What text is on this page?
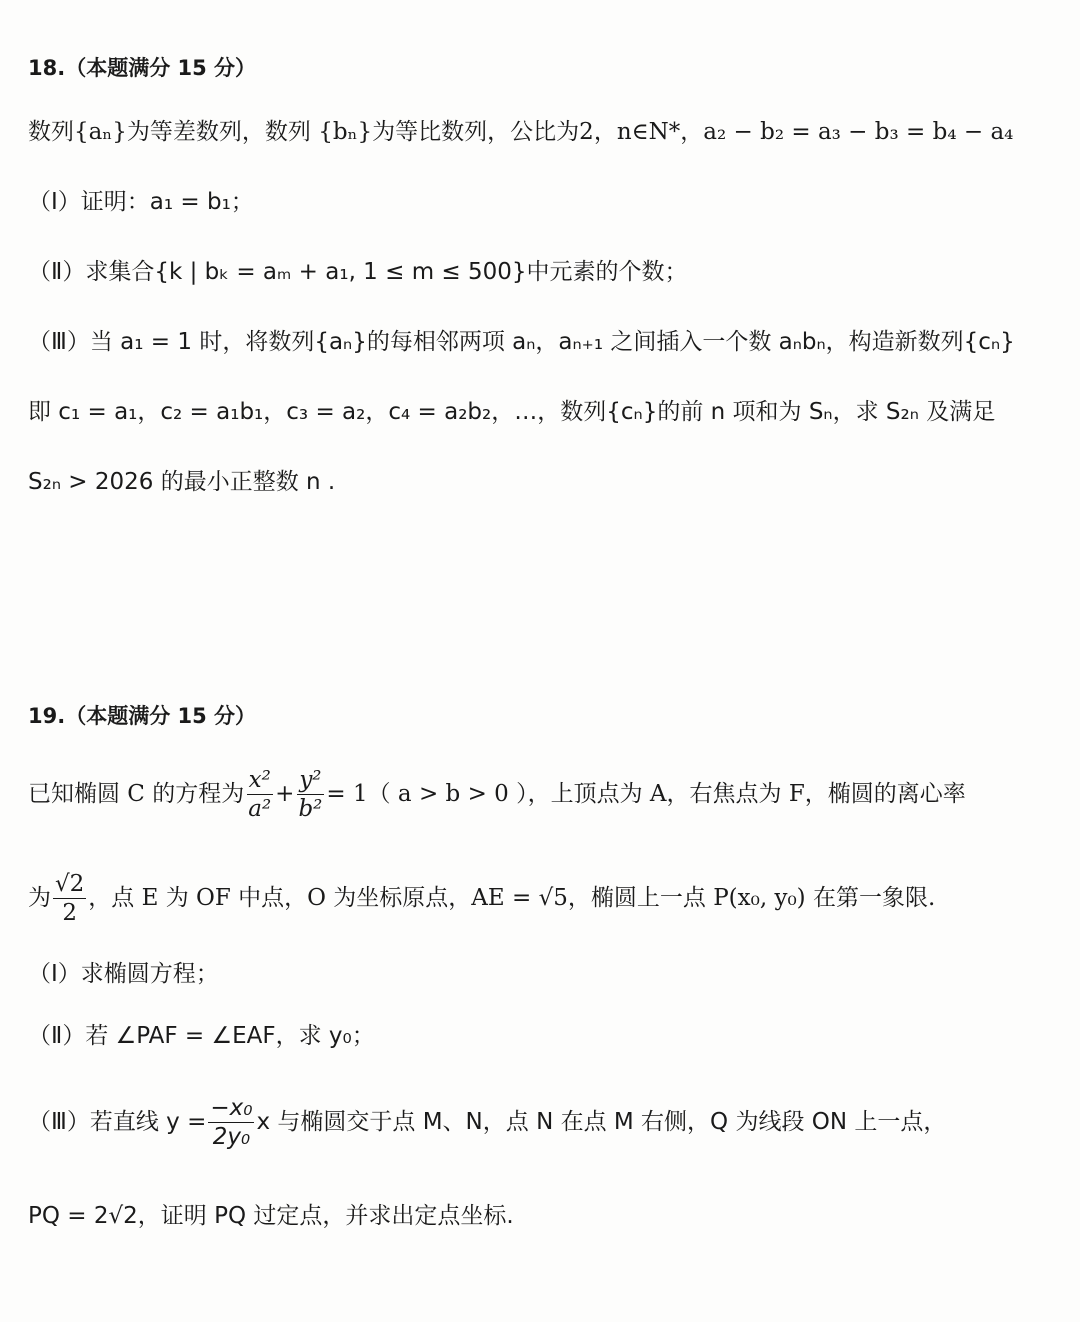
18.（本题满分 15 分）
数列{aₙ}为等差数列，数列 {bₙ}为等比数列，公比为2，n∈N*，a₂ − b₂ = a₃ − b₃ = b₄ − a₄
（Ⅰ）证明：a₁ = b₁；
（Ⅱ）求集合{k | bₖ = aₘ + a₁, 1 ≤ m ≤ 500}中元素的个数；
（Ⅲ）当 a₁ = 1 时，将数列{aₙ}的每相邻两项 aₙ，aₙ₊₁ 之间插入一个数 aₙbₙ，构造新数列{cₙ}
即 c₁ = a₁，c₂ = a₁b₁，c₃ = a₂，c₄ = a₂b₂，…，数列{cₙ}的前 n 项和为 Sₙ，求 S₂ₙ 及满足
S₂ₙ > 2026 的最小正整数 n .
19.（本题满分 15 分）
已知椭圆 C 的方程为 $\frac{\text{x²}}{\text{a²}} + \frac{\text{y²}}{\text{b²}} = 1$（ a > b > 0 ），上顶点为 A，右焦点为 F，椭圆的离心率
为 $\frac{√2}{2}$ ，点 E 为 OF 中点，O 为坐标原点，AE = √5，椭圆上一点 P(x₀, y₀) 在第一象限.
（Ⅰ）求椭圆方程；
（Ⅱ）若 ∠PAF = ∠EAF，求 y₀；
（Ⅲ）若直线 $y = \frac{\text{−x₀}}{\text{2y₀}}$ x 与椭圆交于点 M、N，点 N 在点 M 右侧，Q 为线段 ON 上一点，
PQ = 2√2，证明 PQ 过定点，并求出定点坐标.
